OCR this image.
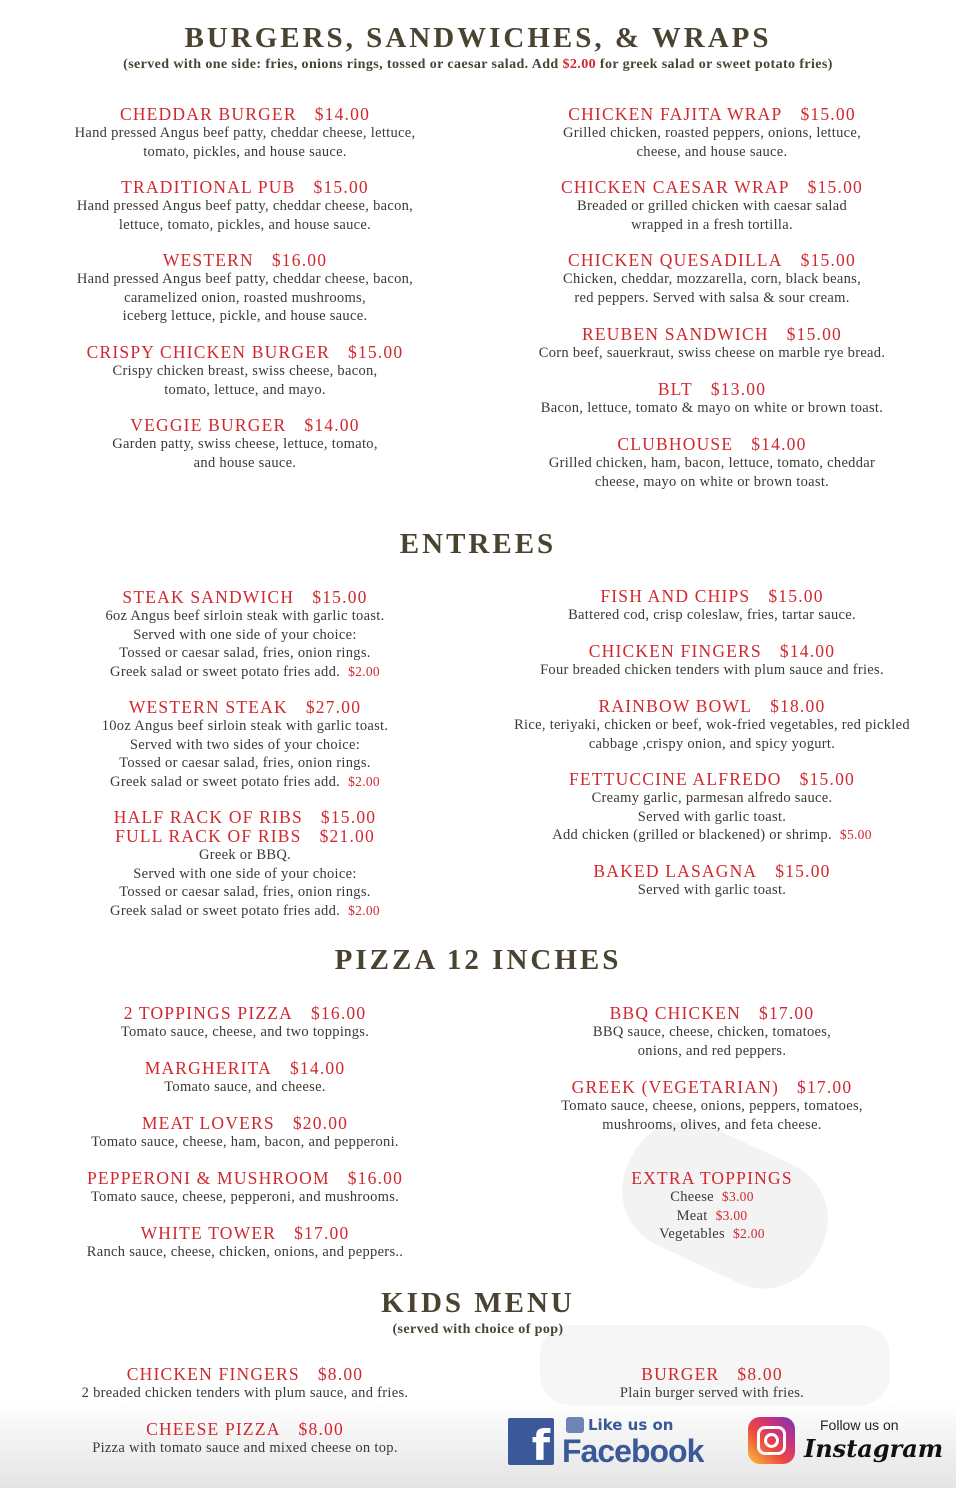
BURGERS, SANDWICHES, & WRAPS
(served with one side: fries, onions rings, tossed or caesar salad. Add $2.00 for greek salad or sweet potato fries)
ENTREES
PIZZA 12 INCHES
KIDS MENU
(served with choice of pop)
CHEDDAR BURGER $14.00
Hand pressed Angus beef patty, cheddar cheese, lettuce,
tomato, pickles, and house sauce.
TRADITIONAL PUB $15.00
Hand pressed Angus beef patty, cheddar cheese, bacon,
lettuce, tomato, pickles, and house sauce.
WESTERN $16.00
Hand pressed Angus beef patty, cheddar cheese, bacon,
caramelized onion, roasted mushrooms,
iceberg lettuce, pickle, and house sauce.
CRISPY CHICKEN BURGER $15.00
Crispy chicken breast, swiss cheese, bacon,
tomato, lettuce, and mayo.
VEGGIE BURGER $14.00
Garden patty, swiss cheese, lettuce, tomato,
and house sauce.
CHICKEN FAJITA WRAP $15.00
Grilled chicken, roasted peppers, onions, lettuce,
cheese, and house sauce.
CHICKEN CAESAR WRAP $15.00
Breaded or grilled chicken with caesar salad
wrapped in a fresh tortilla.
CHICKEN QUESADILLA $15.00
Chicken, cheddar, mozzarella, corn, black beans,
red peppers. Served with salsa & sour cream.
REUBEN SANDWICH $15.00
Corn beef, sauerkraut, swiss cheese on marble rye bread.
BLT $13.00
Bacon, lettuce, tomato & mayo on white or brown toast.
CLUBHOUSE $14.00
Grilled chicken, ham, bacon, lettuce, tomato, cheddar
cheese, mayo on white or brown toast.
STEAK SANDWICH $15.00
6oz Angus beef sirloin steak with garlic toast.
Served with one side of your choice:
Tossed or caesar salad, fries, onion rings.
Greek salad or sweet potato fries add. $2.00
WESTERN STEAK $27.00
10oz Angus beef sirloin steak with garlic toast.
Served with two sides of your choice:
Tossed or caesar salad, fries, onion rings.
Greek salad or sweet potato fries add. $2.00
HALF RACK OF RIBS $15.00
FULL RACK OF RIBS $21.00
Greek or BBQ.
Served with one side of your choice:
Tossed or caesar salad, fries, onion rings.
Greek salad or sweet potato fries add. $2.00
FISH AND CHIPS $15.00
Battered cod, crisp coleslaw, fries, tartar sauce.
CHICKEN FINGERS $14.00
Four breaded chicken tenders with plum sauce and fries.
RAINBOW BOWL $18.00
Rice, teriyaki, chicken or beef, wok-fried vegetables, red pickled
cabbage ,crispy onion, and spicy yogurt.
FETTUCCINE ALFREDO $15.00
Creamy garlic, parmesan alfredo sauce.
Served with garlic toast.
Add chicken (grilled or blackened) or shrimp. $5.00
BAKED LASAGNA $15.00
Served with garlic toast.
2 TOPPINGS PIZZA $16.00
Tomato sauce, cheese, and two toppings.
MARGHERITA $14.00
Tomato sauce, and cheese.
MEAT LOVERS $20.00
Tomato sauce, cheese, ham, bacon, and pepperoni.
PEPPERONI & MUSHROOM $16.00
Tomato sauce, cheese, pepperoni, and mushrooms.
WHITE TOWER $17.00
Ranch sauce, cheese, chicken, onions, and peppers..
BBQ CHICKEN $17.00
BBQ sauce, cheese, chicken, tomatoes,
onions, and red peppers.
GREEK (VEGETARIAN) $17.00
Tomato sauce, cheese, onions, peppers, tomatoes,
mushrooms, olives, and feta cheese.
EXTRA TOPPINGS
Cheese $3.00
Meat $3.00
Vegetables $2.00
CHICKEN FINGERS $8.00
2 breaded chicken tenders with plum sauce, and fries.
CHEESE PIZZA $8.00
Pizza with tomato sauce and mixed cheese on top.
BURGER $8.00
Plain burger served with fries.
f	Like us on
Facebook
Follow us on
Instagram
